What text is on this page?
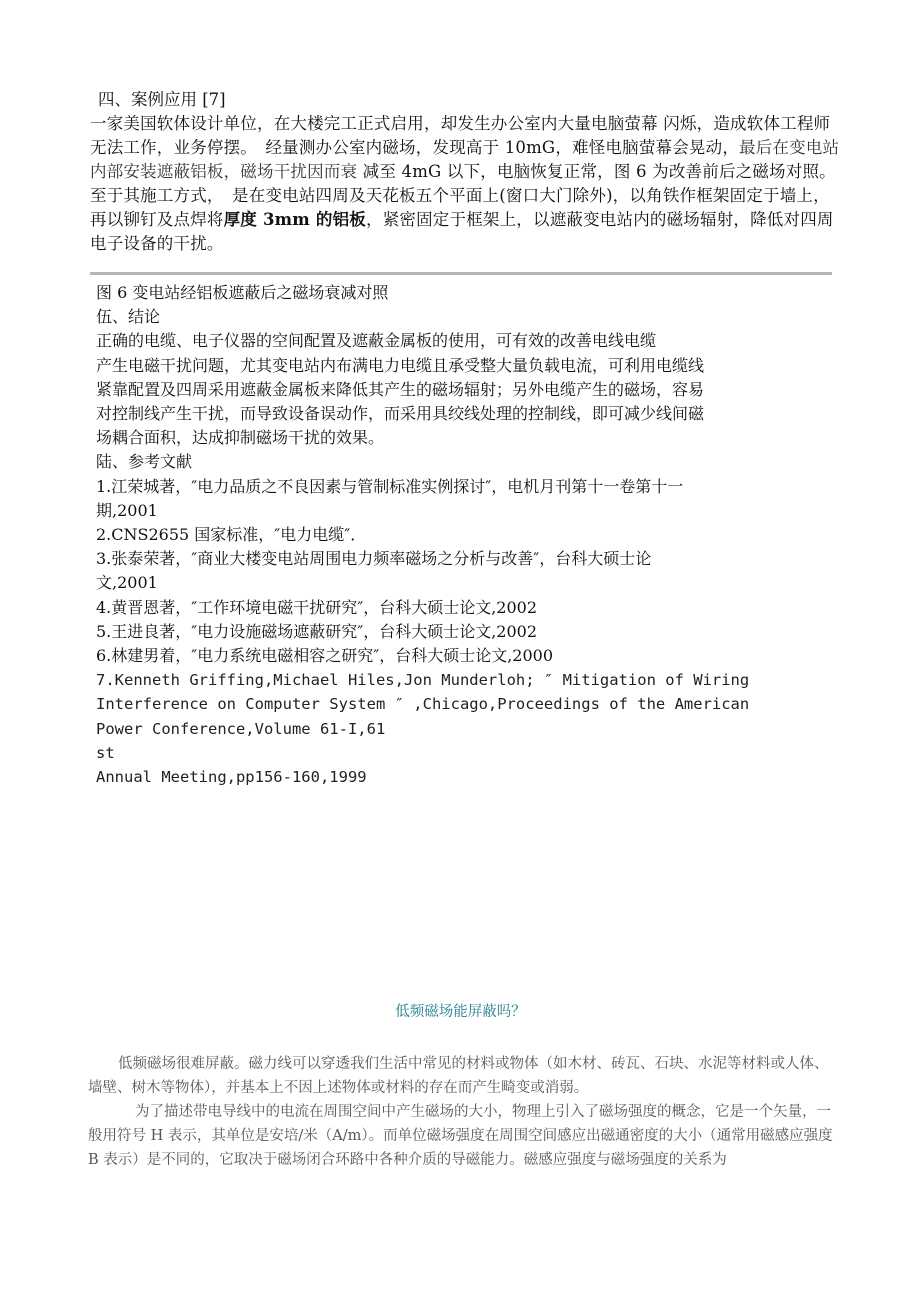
四、案例应用 [7]

一家美国软体设计单位，在大楼完工正式启用，却发生办公室内大量电脑萤幕 闪烁，造成软体工程师无法工作，业务停摆。　经量测办公室内磁场，发现高于 10mG，难怪电脑萤幕会晃动，最后在变电站内部安装遮蔽铝板，磁场干扰因而衰 减至 4mG 以下，电脑恢复正常，图 6 为改善前后之磁场对照。　至于其施工方式，　是在变电站四周及天花板五个平面上(窗口大门除外)，以角铁作框架固定于墙上，　再以铆钉及点焊将厚度 3mm 的铝板，紧密固定于框架上，以遮蔽变电站内的磁场辐射，降低对四周电子设备的干扰。

图 6 变电站经铝板遮蔽后之磁场衰减对照
伍、结论
正确的电缆、电子仪器的空间配置及遮蔽金属板的使用，可有效的改善电线电缆
产生电磁干扰问题，尤其变电站内布满电力电缆且承受整大量负载电流，可利用电缆线
紧靠配置及四周采用遮蔽金属板来降低其产生的磁场辐射；另外电缆产生的磁场，容易
对控制线产生干扰，而导致设备误动作，而采用具绞线处理的控制线，即可减少线间磁
场耦合面积，达成抑制磁场干扰的效果。
陆、参考文献
1.江荣城著，″电力品质之不良因素与管制标准实例探讨″，电机月刊第十一卷第十一
期,2001
2.CNS2655 国家标准，″电力电缆″．
3.张泰荣著，″商业大楼变电站周围电力频率磁场之分析与改善″，台科大硕士论
文,2001
4.黄晋恩著，″工作环境电磁干扰研究″，台科大硕士论文,2002
5.王进良著，″电力设施磁场遮蔽研究″，台科大硕士论文,2002
6.林建男着，″电力系统电磁相容之研究″，台科大硕士论文,2000
7.Kenneth Griffing,Michael Hiles,Jon Munderloh; ″ Mitigation of Wiring
Interference on Computer System ″ ,Chicago,Proceedings of the American
Power Conference,Volume 61-I,61
st
Annual Meeting,pp156-160,1999
低频磁场能屏蔽吗？

低频磁场很难屏蔽。磁力线可以穿透我们生活中常见的材料或物体（如木材、砖瓦、石块、水泥等材料或人体、墙壁、树木等物体），并基本上不因上述物体或材料的存在而产生畸变或消弱。

为了描述带电导线中的电流在周围空间中产生磁场的大小，物理上引入了磁场强度的概念，它是一个矢量，一般用符号 H 表示，其单位是安培/米（A/m）。而单位磁场强度在周围空间感应出磁通密度的大小（通常用磁感应强度 B 表示）是不同的，它取决于磁场闭合环路中各种介质的导磁能力。磁感应强度与磁场强度的关系为
